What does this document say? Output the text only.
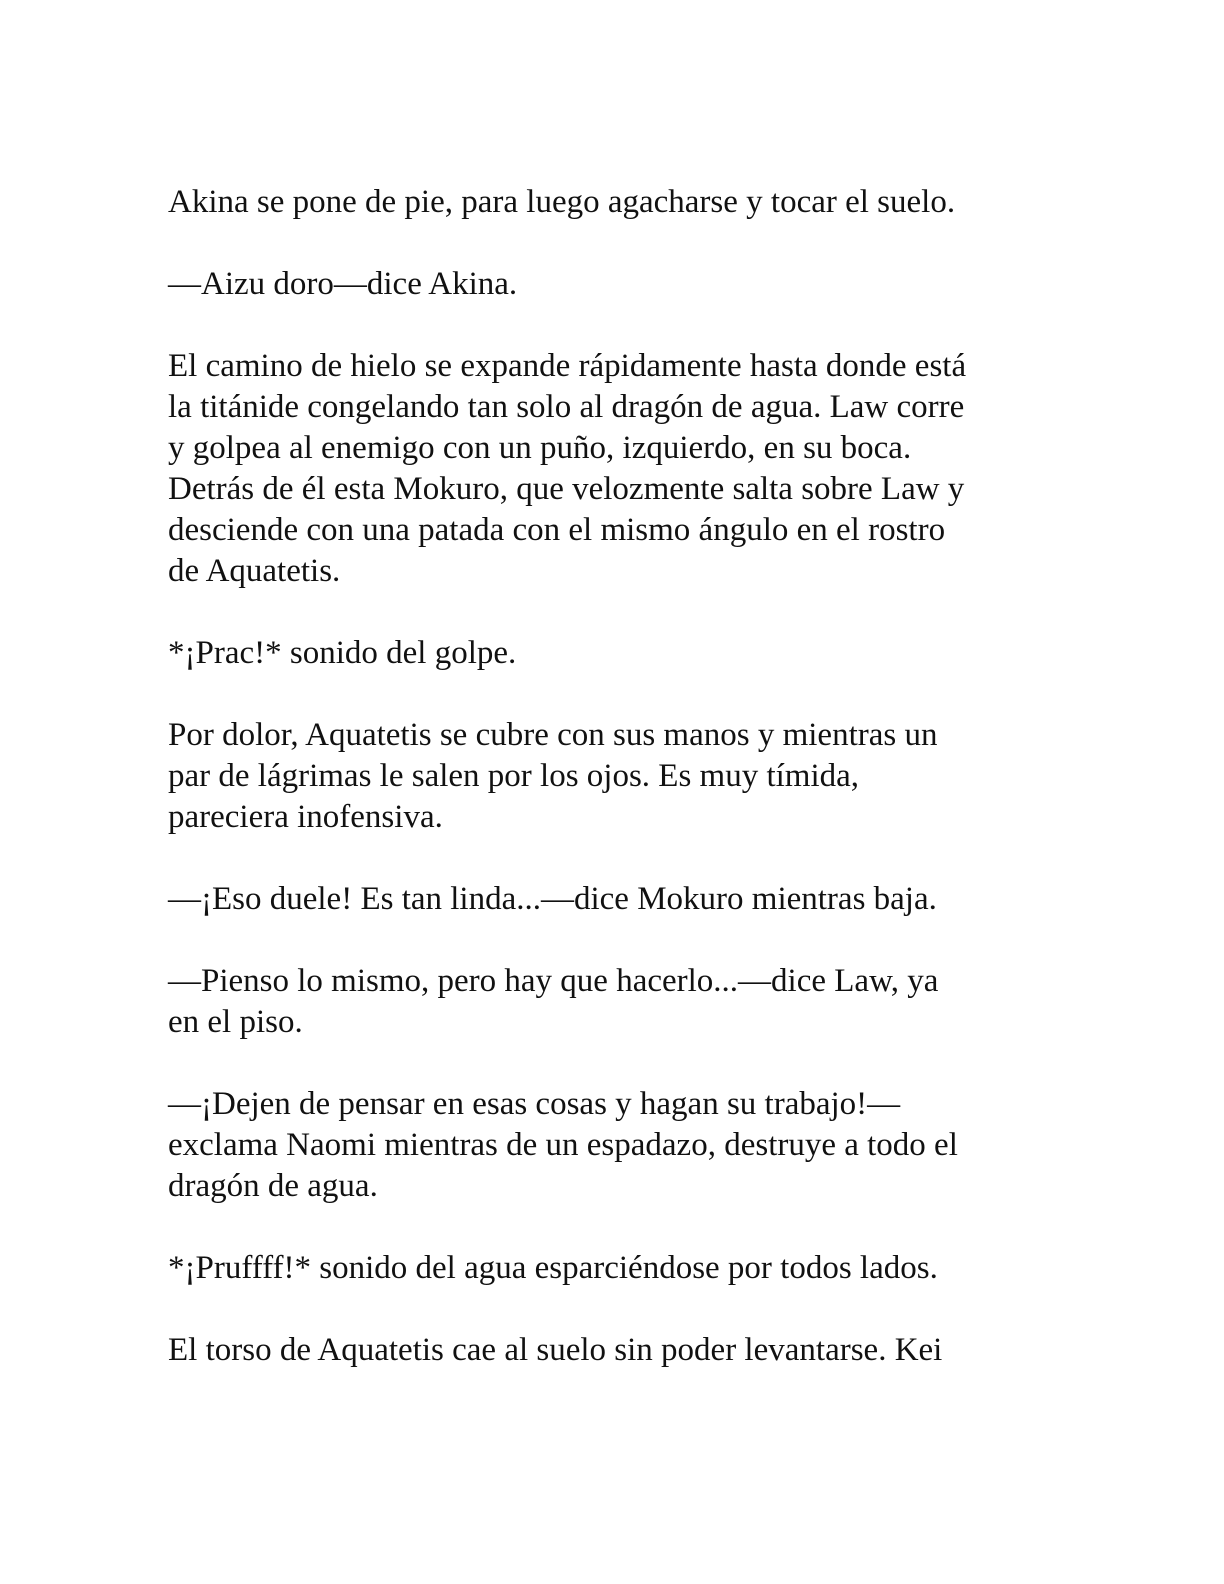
Akina se pone de pie, para luego agacharse y tocar el suelo.

—Aizu doro—dice Akina.

El camino de hielo se expande rápidamente hasta donde está
la titánide congelando tan solo al dragón de agua. Law corre
y golpea al enemigo con un puño, izquierdo, en su boca.
Detrás de él esta Mokuro, que velozmente salta sobre Law y
desciende con una patada con el mismo ángulo en el rostro
de Aquatetis.

*¡Prac!* sonido del golpe.

Por dolor, Aquatetis se cubre con sus manos y mientras un
par de lágrimas le salen por los ojos. Es muy tímida,
pareciera inofensiva.

—¡Eso duele! Es tan linda...—dice Mokuro mientras baja.

—Pienso lo mismo, pero hay que hacerlo...—dice Law, ya
en el piso.

—¡Dejen de pensar en esas cosas y hagan su trabajo!—
exclama Naomi mientras de un espadazo, destruye a todo el
dragón de agua.

*¡Pruffff!* sonido del agua esparciéndose por todos lados.

El torso de Aquatetis cae al suelo sin poder levantarse. Kei
